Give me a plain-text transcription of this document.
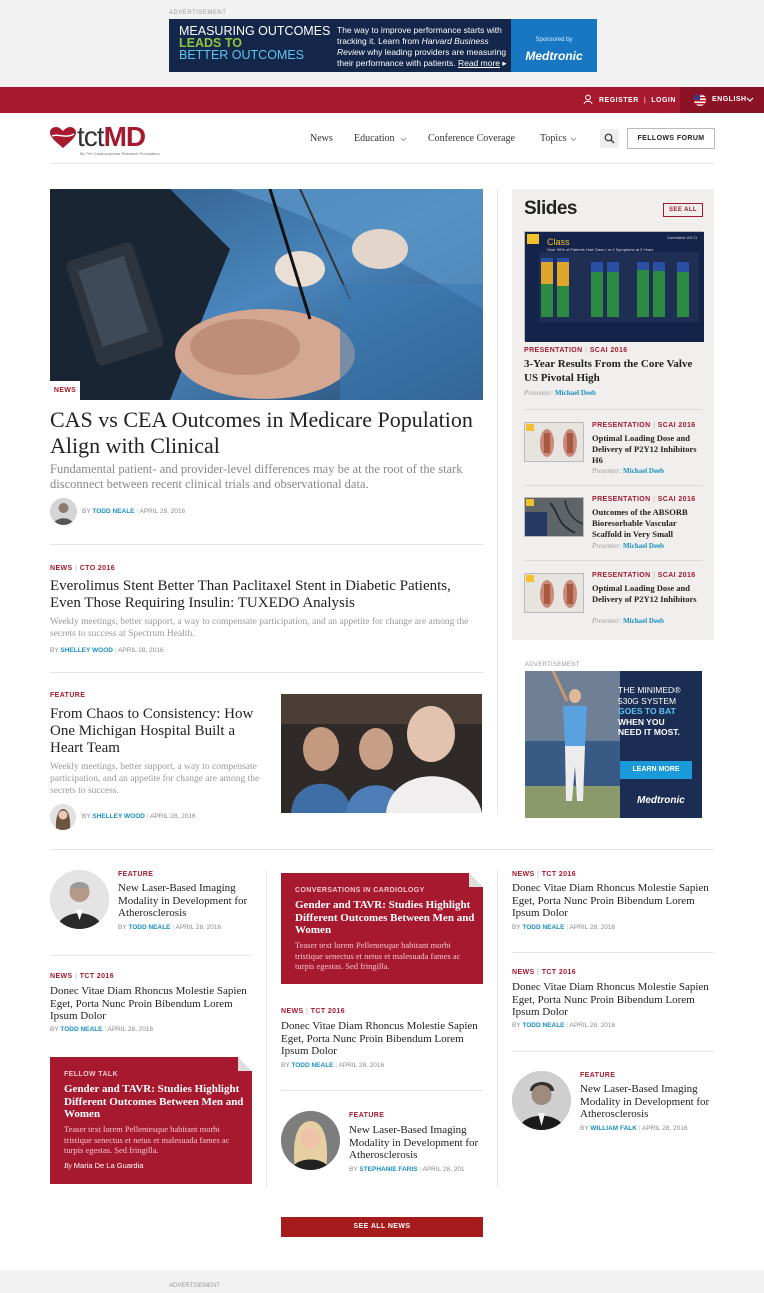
ADVERTISEMENT
MEASURING OUTCOMES
LEADS TO
BETTER OUTCOMES
The way to improve performance starts with tracking it. Learn from Harvard Business Review why leading providers are measuring their performance with patients. Read more ▸
Sponsored by
Medtronic
REGISTER | LOGIN	ENGLISH
tctMD
By The Cardiovascular Research Foundation
News Education	Conference Coverage	Topics	FELLOWS FORUM
NEWS
CAS vs CEA Outcomes in Medicare Population Align with Clinical
Fundamental patient- and provider-level differences may be at the root of the stark disconnect between recent clinical trials and observational data.
BY TODD NEALE | APRIL 28, 2016
NEWS | CTO 2016
Everolimus Stent Better Than Paclitaxel Stent in Diabetic Patients, Even Those Requiring Insulin: TUXEDO Analysis
Weekly meetings, better support, a way to compensate participation, and an appetite for change are among the secrets to success at Spectrum Health.
BY SHELLEY WOOD | APRIL 28, 2016
FEATURE
From Chaos to Consistency: How One Michigan Hospital Built a Heart Team
Weekly meetings, better support, a way to compensate participation, and an appetite for change are among the secrets to success.
BY SHELLEY WOOD | APRIL 28, 2016
Slides	SEE ALL
Class
Over 90% of Patients Had Class I or II Symptoms at 3 Years
CoreValve US Cl
PRESENTATION | SCAI 2016
3-Year Results From the Core Valve US Pivotal High
Presenter: Michael Deeb
PRESENTATION | SCAI 2016
Optimal Loading Dose and Delivery of P2Y12 Inhibitors H6
Presenter: Michael Deeb
PRESENTATION | SCAI 2016
Outcomes of the ABSORB Bioresorbable Vascular Scaffold in Very Small
Presenter: Michael Deeb
PRESENTATION | SCAI 2016
Optimal Loading Dose and Delivery of P2Y12 Inhibitors
Presenter: Michael Deeb
ADVERTISEMENT
THE MINIMED®
530G SYSTEM
GOES TO BAT
WHEN YOU
NEED IT MOST.
LEARN MORE
Medtronic
FEATURE
New Laser-Based Imaging Modality in Development for Atherosclerosis
BY TODD NEALE | APRIL 28, 2016
NEWS | TCT 2016
Donec Vitae Diam Rhoncus Molestie Sapien Eget, Porta Nunc Proin Bibendum Lorem Ipsum Dolor
BY TODD NEALE | APRIL 28, 2016
FELLOW TALK
Gender and TAVR: Studies Highlight Different Outcomes Between Men and Women
Teaser text lorem Pellentesque habitant morbi tristique senectus et netus et malesuada fames ac turpis egestas. Sed fringilla.
By Maria De La Guardia
CONVERSATIONS IN CARDIOLOGY
Gender and TAVR: Studies Highlight Different Outcomes Between Men and Women
Teaser text lorem Pellentesque habitant morbi tristique senectus et netus et malesuada fames ac turpis egestas. Sed fringilla.
NEWS | TCT 2016
Donec Vitae Diam Rhoncus Molestie Sapien Eget, Porta Nunc Proin Bibendum Lorem Ipsum Dolor
BY TODD NEALE | APRIL 28, 2016
FEATURE
New Laser-Based Imaging Modality in Development for Atherosclerosis
BY STEPHANIE FARIS | APRIL 28, 201
NEWS | TCT 2016
Donec Vitae Diam Rhoncus Molestie Sapien Eget, Porta Nunc Proin Bibendum Lorem Ipsum Dolor
BY TODD NEALE | APRIL 28, 2016
NEWS | TCT 2016
Donec Vitae Diam Rhoncus Molestie Sapien Eget, Porta Nunc Proin Bibendum Lorem Ipsum Dolor
BY TODD NEALE | APRIL 28, 2016
FEATURE
New Laser-Based Imaging Modality in Development for Atherosclerosis
BY WILLIAM FALK | APRIL 28, 2016
SEE ALL NEWS
ADVERTISEMENT
